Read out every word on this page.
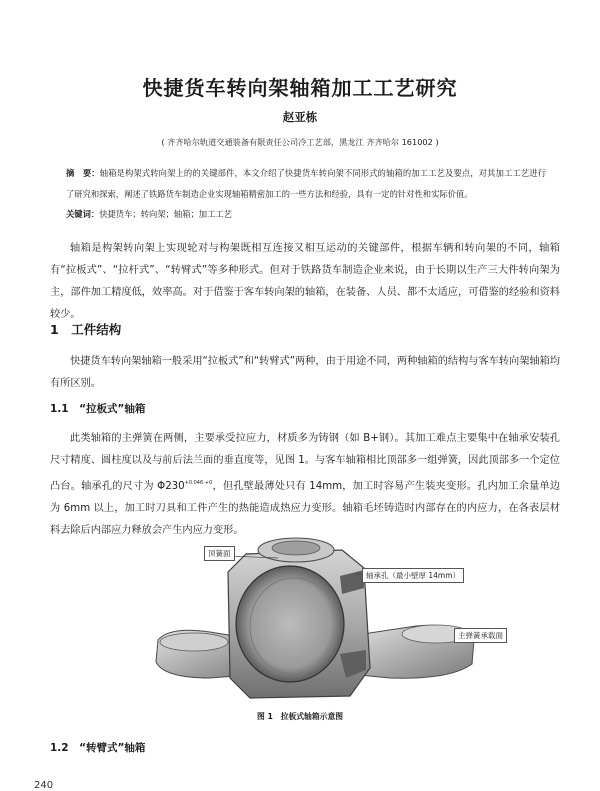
快捷货车转向架轴箱加工工艺研究
赵亚栋
( 齐齐哈尔轨道交通装备有限责任公司冷工艺部，黑龙江 齐齐哈尔 161002 )
摘　要：轴箱是构架式转向架上的的关键部件，本文介绍了快捷货车转向架不同形式的轴箱的加工工艺及要点，对其加工工艺进行了研究和探索，阐述了铁路货车制造企业实现轴箱精密加工的一些方法和经验，具有一定的针对性和实际价值。
关键词：快捷货车；转向架；轴箱；加工工艺
轴箱是构架转向架上实现轮对与构架既相互连接又相互运动的关键部件，根据车辆和转向架的不同，轴箱有“拉板式”、“拉杆式”、“转臂式”等多种形式。但对于铁路货车制造企业来说，由于长期以生产三大件转向架为主，部件加工精度低，效率高。对于借鉴于客车转向架的轴箱，在装备、人员、都不太适应，可借鉴的经验和资料较少。
1　工件结构
快捷货车转向架轴箱一般采用“拉板式”和“转臂式”两种，由于用途不同，两种轴箱的结构与客车转向架轴箱均有所区别。
1.1　“拉板式”轴箱
此类轴箱的主弹簧在两侧，主要承受拉应力，材质多为铸钢（如 B+钢）。其加工难点主要集中在轴承安装孔尺寸精度、圆柱度以及与前后法兰面的垂直度等，见图 1。与客车轴箱相比顶部多一组弹簧，因此顶部多一个定位凸台。轴承孔的尺寸为 $\Phi 230^{+0.046 +0}$，但孔壁最薄处只有 14mm，加工时容易产生装夹变形。孔内加工余量单边为 6mm 以上，加工时刀具和工件产生的热能造成热应力变形。轴箱毛坯铸造时内部存在的内应力，在各表层材料去除后内部应力释放会产生内应力变形。
顶簧面
轴承孔（最小壁厚 14mm）
主弹簧承载面
图 1　拉板式轴箱示意图
1.2　“转臂式”轴箱
240
